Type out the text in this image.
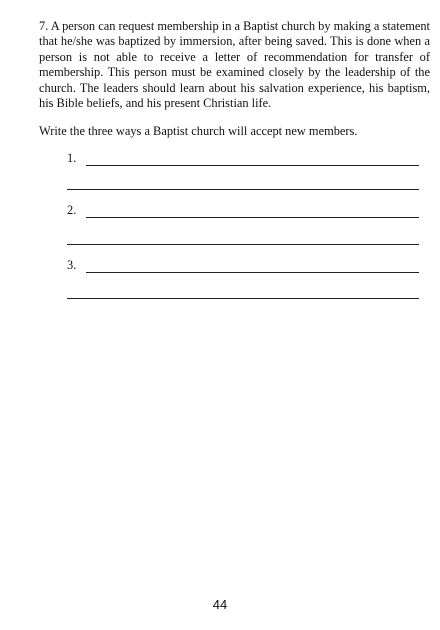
7. A person can request membership in a Baptist church by making a statement that he/she was baptized by immersion, after being saved. This is done when a person is not able to receive a letter of recommendation for transfer of membership. This person must be examined closely by the leadership of the church. The leaders should learn about his salvation experience, his baptism, his Bible beliefs, and his present Christian life.

Write the three ways a Baptist church will accept new members.

1.
2.
3.
44
